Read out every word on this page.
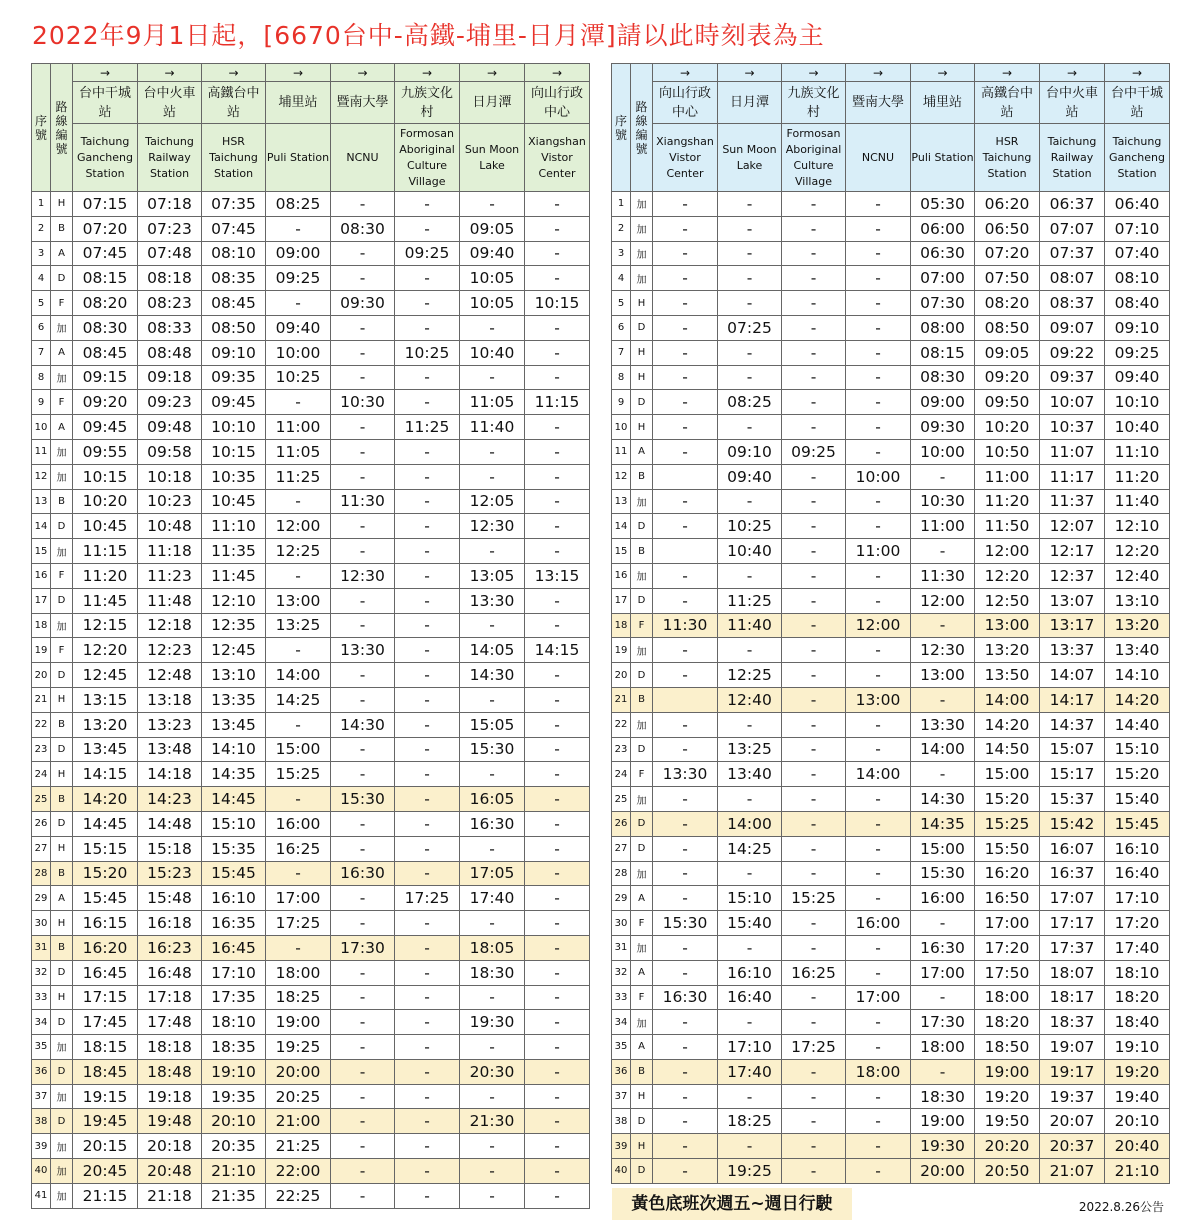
2022年9月1日起，[6670台中-高鐵-埔里-日月潭]請以此時刻表為主
序號	路線編號	→	→	→	→	→	→	→	→
		台中干城站	台中火車站	高鐵台中站	埔里站	暨南大學	九族文化村	日月潭	向山行政中心
		Taichung Gancheng Station	Taichung Railway Station	HSR Taichung Station	Puli Station	NCNU	Formosan Aboriginal Culture Village	Sun Moon Lake	Xiangshan Vistor Center
1	H	07:15	07:18	07:35	08:25	-	-	-	-
2	B	07:20	07:23	07:45	-	08:30	-	09:05	-
3	A	07:45	07:48	08:10	09:00	-	09:25	09:40	-
4	D	08:15	08:18	08:35	09:25	-	-	10:05	-
5	F	08:20	08:23	08:45	-	09:30	-	10:05	10:15
6	加	08:30	08:33	08:50	09:40	-	-	-	-
7	A	08:45	08:48	09:10	10:00	-	10:25	10:40	-
8	加	09:15	09:18	09:35	10:25	-	-	-	-
9	F	09:20	09:23	09:45	-	10:30	-	11:05	11:15
10	A	09:45	09:48	10:10	11:00	-	11:25	11:40	-
11	加	09:55	09:58	10:15	11:05	-	-	-	-
12	加	10:15	10:18	10:35	11:25	-	-	-	-
13	B	10:20	10:23	10:45	-	11:30	-	12:05	-
14	D	10:45	10:48	11:10	12:00	-	-	12:30	-
15	加	11:15	11:18	11:35	12:25	-	-	-	-
16	F	11:20	11:23	11:45	-	12:30	-	13:05	13:15
17	D	11:45	11:48	12:10	13:00	-	-	13:30	-
18	加	12:15	12:18	12:35	13:25	-	-	-	-
19	F	12:20	12:23	12:45	-	13:30	-	14:05	14:15
20	D	12:45	12:48	13:10	14:00	-	-	14:30	-
21	H	13:15	13:18	13:35	14:25	-	-	-	-
22	B	13:20	13:23	13:45	-	14:30	-	15:05	-
23	D	13:45	13:48	14:10	15:00	-	-	15:30	-
24	H	14:15	14:18	14:35	15:25	-	-	-	-
25	B	14:20	14:23	14:45	-	15:30	-	16:05	-
26	D	14:45	14:48	15:10	16:00	-	-	16:30	-
27	H	15:15	15:18	15:35	16:25	-	-	-	-
28	B	15:20	15:23	15:45	-	16:30	-	17:05	-
29	A	15:45	15:48	16:10	17:00	-	17:25	17:40	-
30	H	16:15	16:18	16:35	17:25	-	-	-	-
31	B	16:20	16:23	16:45	-	17:30	-	18:05	-
32	D	16:45	16:48	17:10	18:00	-	-	18:30	-
33	H	17:15	17:18	17:35	18:25	-	-	-	-
34	D	17:45	17:48	18:10	19:00	-	-	19:30	-
35	加	18:15	18:18	18:35	19:25	-	-	-	-
36	D	18:45	18:48	19:10	20:00	-	-	20:30	-
37	加	19:15	19:18	19:35	20:25	-	-	-	-
38	D	19:45	19:48	20:10	21:00	-	-	21:30	-
39	加	20:15	20:18	20:35	21:25	-	-	-	-
40	加	20:45	20:48	21:10	22:00	-	-	-	-
41	加	21:15	21:18	21:35	22:25	-	-	-	-
序號	路線編號	→	→	→	→	→	→	→	→
		向山行政中心	日月潭	九族文化村	暨南大學	埔里站	高鐵台中站	台中火車站	台中干城站
		Xiangshan Vistor Center	Sun Moon Lake	Formosan Aboriginal Culture Village	NCNU	Puli Station	HSR Taichung Station	Taichung Railway Station	Taichung Gancheng Station
1	加	-	-	-	-	05:30	06:20	06:37	06:40
2	加	-	-	-	-	06:00	06:50	07:07	07:10
3	加	-	-	-	-	06:30	07:20	07:37	07:40
4	加	-	-	-	-	07:00	07:50	08:07	08:10
5	H	-	-	-	-	07:30	08:20	08:37	08:40
6	D	-	07:25	-	-	08:00	08:50	09:07	09:10
7	H	-	-	-	-	08:15	09:05	09:22	09:25
8	H	-	-	-	-	08:30	09:20	09:37	09:40
9	D	-	08:25	-	-	09:00	09:50	10:07	10:10
10	H	-	-	-	-	09:30	10:20	10:37	10:40
11	A	-	09:10	09:25	-	10:00	10:50	11:07	11:10
12	B		09:40	-	10:00	-	11:00	11:17	11:20
13	加	-	-	-	-	10:30	11:20	11:37	11:40
14	D	-	10:25	-	-	11:00	11:50	12:07	12:10
15	B		10:40	-	11:00	-	12:00	12:17	12:20
16	加	-	-	-	-	11:30	12:20	12:37	12:40
17	D	-	11:25	-	-	12:00	12:50	13:07	13:10
18	F	11:30	11:40	-	12:00	-	13:00	13:17	13:20
19	加	-	-	-	-	12:30	13:20	13:37	13:40
20	D	-	12:25	-	-	13:00	13:50	14:07	14:10
21	B		12:40	-	13:00	-	14:00	14:17	14:20
22	加	-	-	-	-	13:30	14:20	14:37	14:40
23	D	-	13:25	-	-	14:00	14:50	15:07	15:10
24	F	13:30	13:40	-	14:00	-	15:00	15:17	15:20
25	加	-	-	-	-	14:30	15:20	15:37	15:40
26	D	-	14:00	-	-	14:35	15:25	15:42	15:45
27	D	-	14:25	-	-	15:00	15:50	16:07	16:10
28	加	-	-	-	-	15:30	16:20	16:37	16:40
29	A	-	15:10	15:25	-	16:00	16:50	17:07	17:10
30	F	15:30	15:40	-	16:00	-	17:00	17:17	17:20
31	加	-	-	-	-	16:30	17:20	17:37	17:40
32	A	-	16:10	16:25	-	17:00	17:50	18:07	18:10
33	F	16:30	16:40	-	17:00	-	18:00	18:17	18:20
34	加	-	-	-	-	17:30	18:20	18:37	18:40
35	A	-	17:10	17:25	-	18:00	18:50	19:07	19:10
36	B	-	17:40	-	18:00	-	19:00	19:17	19:20
37	H	-	-	-	-	18:30	19:20	19:37	19:40
38	D	-	18:25	-	-	19:00	19:50	20:07	20:10
39	H	-	-	-	-	19:30	20:20	20:37	20:40
40	D	-	19:25	-	-	20:00	20:50	21:07	21:10
黃色底班次週五~週日行駛	2022.8.26公告
